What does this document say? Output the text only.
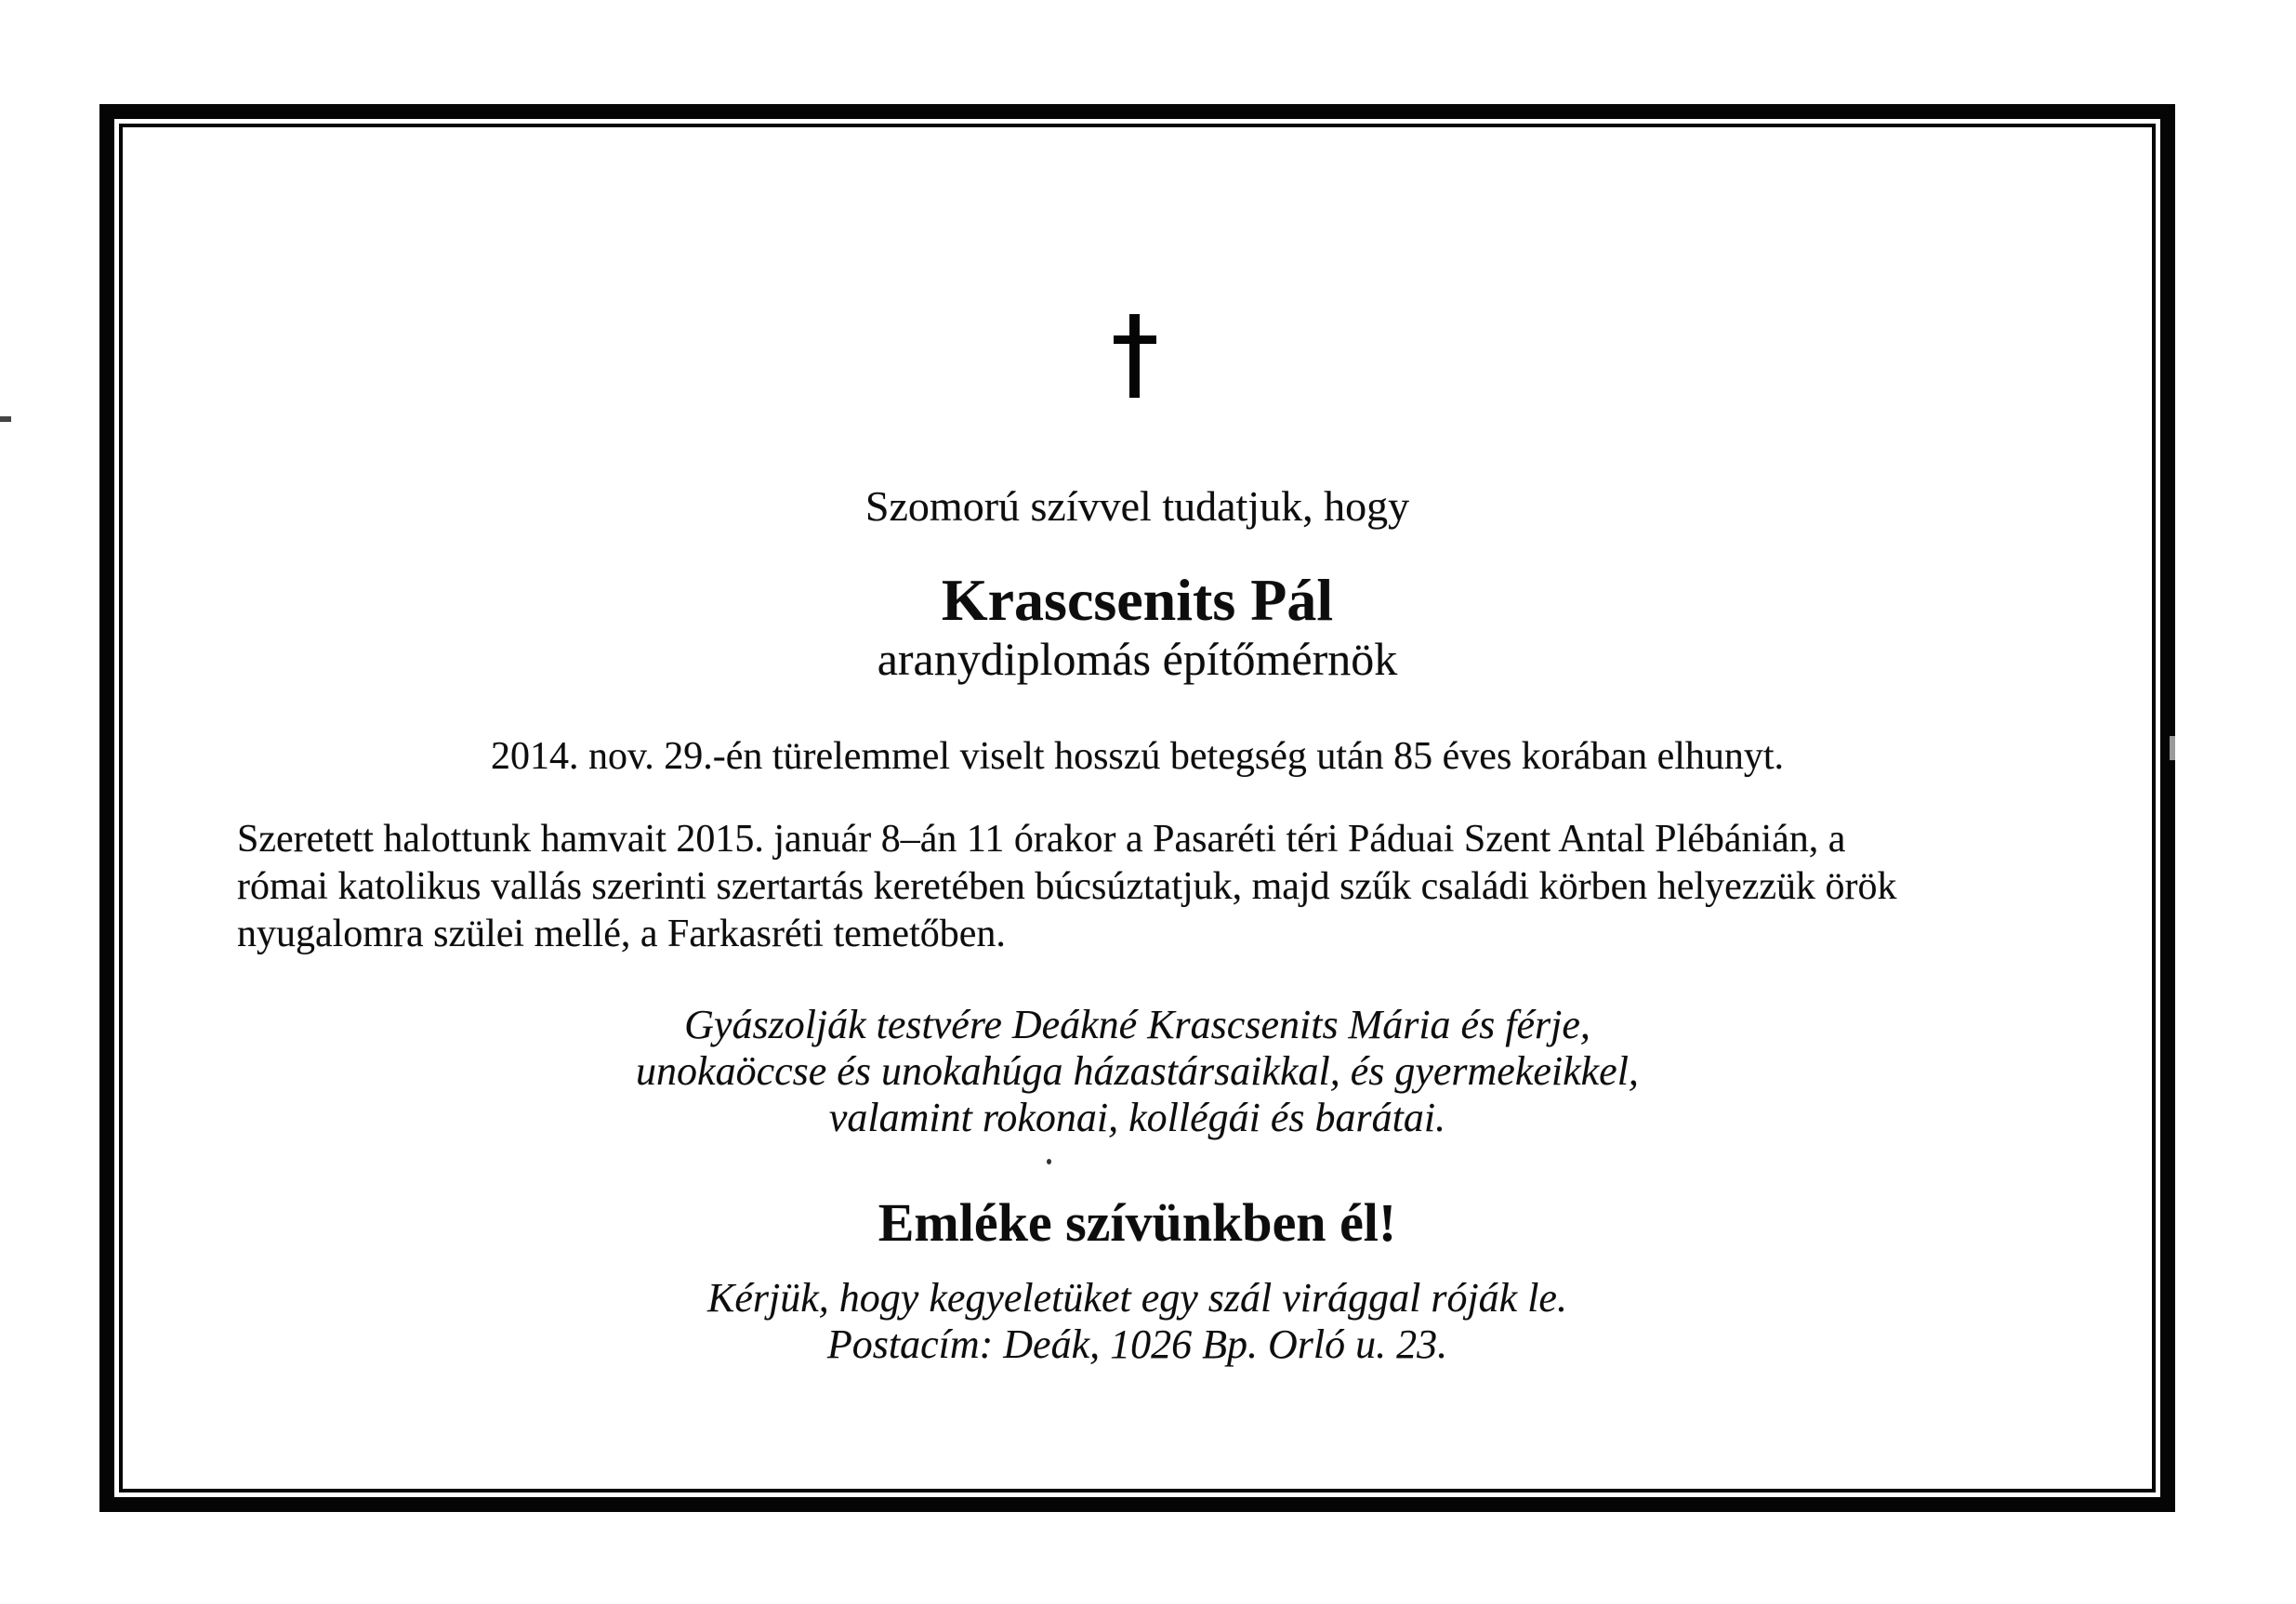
Szomorú szívvel tudatjuk, hogy
Krascsenits Pál
aranydiplomás építőmérnök
2014. nov. 29.-én türelemmel viselt hosszú betegség után 85 éves korában elhunyt.
Szeretett halottunk hamvait 2015. január 8–án 11 órakor a Pasaréti téri Páduai Szent Antal Plébánián, a
római katolikus vallás szerinti szertartás keretében búcsúztatjuk, majd szűk családi körben helyezzük örök
nyugalomra szülei mellé, a Farkasréti temetőben.
Gyászolják testvére Deákné Krascsenits Mária és férje,
unokaöccse és unokahúga házastársaikkal, és gyermekeikkel,
valamint rokonai, kollégái és barátai.
Emléke szívünkben él!
Kérjük, hogy kegyeletüket egy szál virággal róják le.
Postacím: Deák, 1026 Bp. Orló u. 23.
